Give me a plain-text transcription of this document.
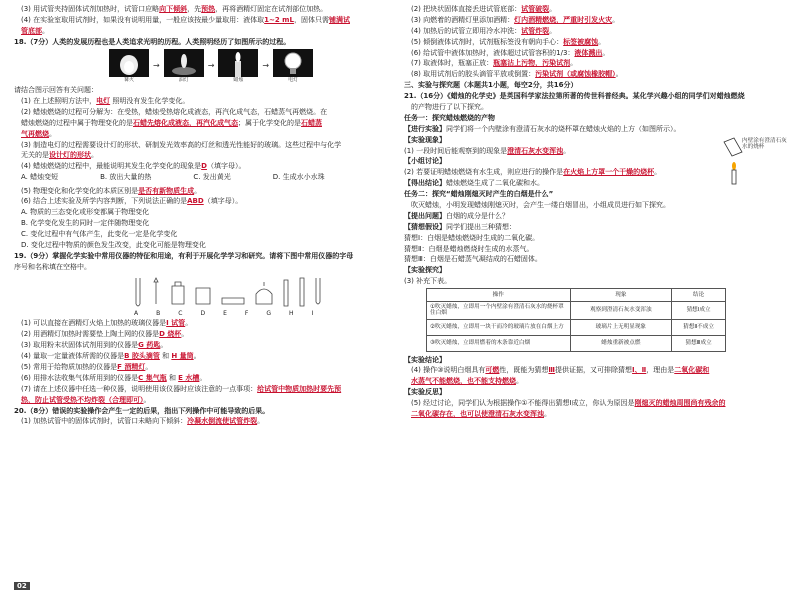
(3) 用试管夹持固体试剂加热时，试管口应略向下倾斜，先预热，再将酒精灯固定在试剂部位加热。
(4) 在实验室取用试剂时，如果没有说明用量，一般应该按最少量取用：液体取1~2 mL，固体只需铺满试
管底部。
18.（7分）人类的发展历程也是人类追求光明的历程。人类照明经历了如图所示的过程。
篝火
→
油灯
→
蜡烛
→
电灯
请结合图示回答有关问题：
(1) 在上述照明方法中，电灯 照明没有发生化学变化。
(2) 蜡烛燃烧的过程可分解为：在受热，蜡烛受热熔化成液态，再汽化成气态，石蜡蒸气再燃烧。在
蜡烛燃烧的过程中属于物理变化的是石蜡先熔化成液态，再汽化成气态；属于化学变化的是石蜡蒸
气再燃烧。
(3) 制造电灯的过程需要设计灯的形状、研制发光效率高的灯丝和透光性能好的玻璃。这些过程中与化学
无关的是设计灯的形状。
(4) 蜡烛燃烧的过程中，最能说明其发生化学变化的现象是D（填字母）。
A. 蜡烛变短	B. 放出大量的热	C. 发出黄光	D. 生成水小水珠
(5) 物理变化和化学变化的本质区别是是否有新物质生成。
(6) 结合上述实验及所学内容判断，下列说法正确的是ABD（填字母）。
A. 物质的三态变化或形变都属于物理变化
B. 化学变化发生的同时一定伴随物理变化
C. 变化过程中有气体产生，此变化一定是化学变化
D. 变化过程中物质的颜色发生改变，此变化可能是物理变化
19.（9分）掌握化学实验中常用仪器的特征和用途，有利于开展化学学习和研究。请将下图中常用仪器的字母
序号和名称填在空格中。
A	B	C	D	E	F	G	H	I
(1) 可以直接在酒精灯火焰上加热的玻璃仪器是I 试管。
(2) 用酒精灯加热时需要垫上陶土网的仪器是D 烧杯。
(3) 取用粉末状固体试剂用到的仪器是G 药匙。
(4) 量取一定量液体所需的仪器是B 胶头滴管 和 H 量筒。
(5) 常用于给物质加热的仪器是F 酒精灯。
(6) 用排水法收集气体所用到的仪器是C 集气瓶 和 E 水槽。
(7) 请在上述仪器中任选一种仪器，说明使用该仪器时应该注意的一点事项：给试管中物质加热时要先预
热，防止试管受热不均炸裂（合理即可）。
20.（8分）错误的实验操作会产生一定的后果，指出下列操作中可能导致的后果。
(1) 加热试管中的固体试剂时，试管口未略向下倾斜：冷凝水倒流使试管炸裂。
02
(2) 把块状固体直接丢进试管底部：试管破裂。
(3) 向燃着的酒精灯里添加酒精：灯内酒精燃烧，严重时引发火灾。
(4) 加热后的试管立即用冷水冲洗：试管炸裂。
(5) 倾倒液体试剂时，试剂瓶标签没有朝向手心：标签被腐蚀。
(6) 给试管中液体加热时，液体超过试管容积的1/3：液体溅出。
(7) 取液体时，瓶塞正放：瓶塞沾上污物，污染试剂。
(8) 取用试剂后的胶头滴管平放或倒置：污染试剂（或腐蚀橡胶帽）。
三、实验与探究题（本题共1小题，每空2分，共16分）
21.（16分）《蜡烛的化学史》是英国科学家法拉第所著的传世科普经典。某化学兴趣小组的同学们对蜡烛燃烧
的产物进行了以下探究。
任务一：探究蜡烛燃烧的产物
【进行实验】同学们将一个内壁涂有澄清石灰水的烧杯罩在蜡烛火焰的上方（如图所示）。
内壁涂有澄清石灰水的烧杯
【实验现象】
(1) 一段时间后能观察到的现象是澄清石灰水变浑浊。
【小组讨论】
(2) 若要证明蜡烛燃烧有水生成，则应进行的操作是在火焰上方罩一个干燥的烧杯。
【得出结论】蜡烛燃烧生成了二氧化碳和水。
任务二：探究“蜡烛刚熄灭时产生的白烟是什么”
吹灭蜡烛，小明发现蜡烛刚熄灭时，会产生一缕白烟冒出，小组成员进行如下探究。
【提出问题】白烟的成分是什么？
【猜想假设】同学们提出三种猜想：
猜想Ⅰ：白烟是蜡烛燃烧时生成的二氧化碳。
猜想Ⅱ：白烟是蜡烛燃烧时生成的水蒸气。
猜想Ⅲ：白烟是石蜡蒸气凝结成的石蜡固体。
【实验探究】
(3) 补充下表。
操作	现象	结论
①吹灭蜡烛，立即用一个内壁涂有澄清石灰水的烧杯罩住白烟	观察到澄清石灰水变浑浊	猜想Ⅰ成立
②吹灭蜡烛，立即用一块干而冷的玻璃片放在白烟上方	玻璃片上无明显现象	猜想Ⅱ不成立
③吹灭蜡烛，立即用燃着的木条靠近白烟	蜡烛重新被点燃	猜想Ⅲ成立
【实验结论】
(4) 操作③说明白烟具有可燃性，既能为猜想Ⅲ提供证据，又可排除猜想Ⅰ、Ⅱ，理由是二氧化碳和
水蒸气不能燃烧，也不能支持燃烧。
【实验反思】
(5) 经过讨论，同学们认为根据操作①不能得出猜想Ⅰ成立，你认为原因是刚熄灭的蜡烛周围尚有残余的
二氧化碳存在，也可以使澄清石灰水变浑浊。
